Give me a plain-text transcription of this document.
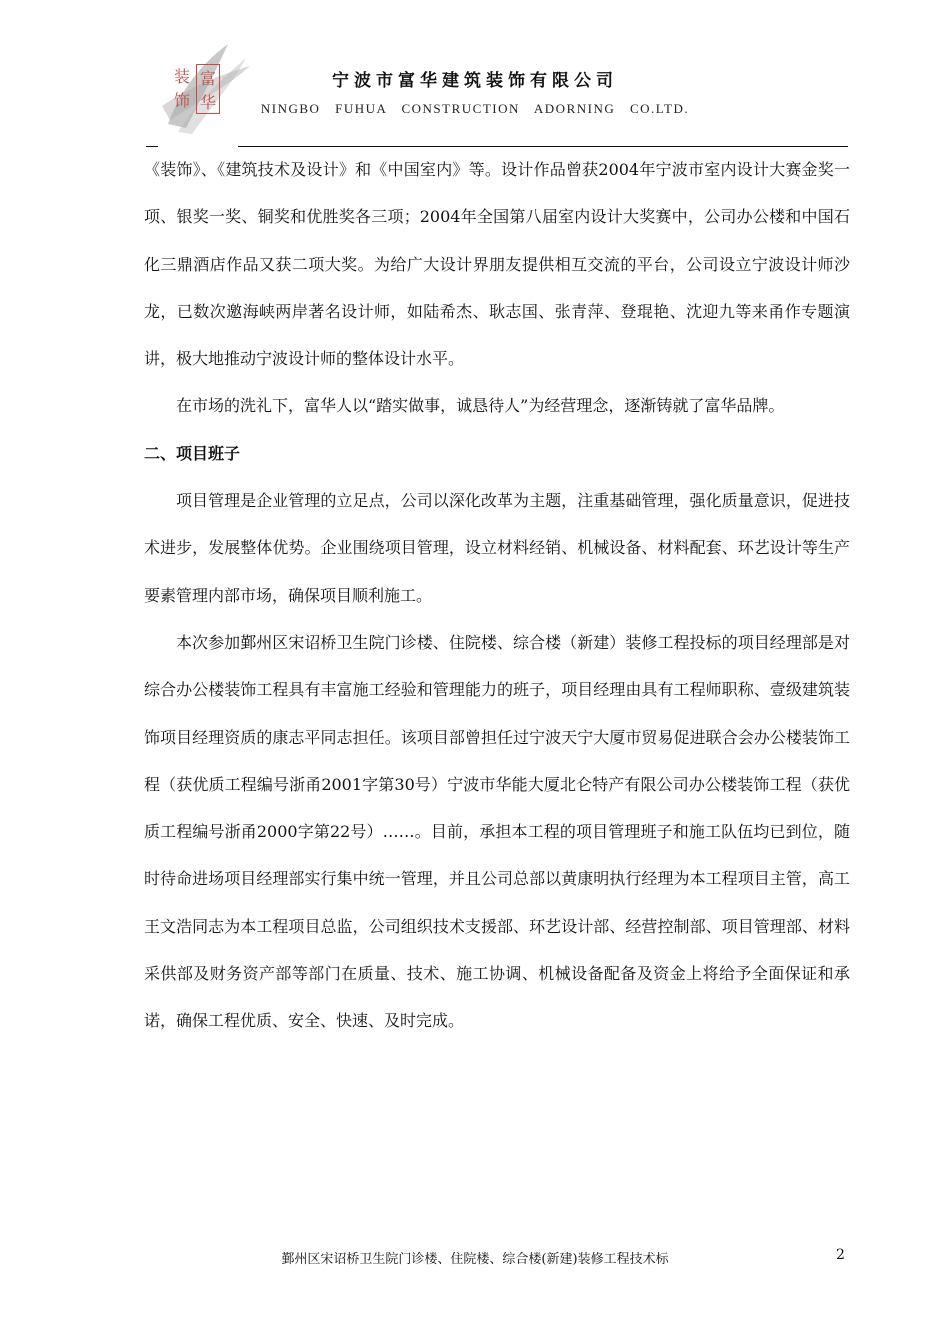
装
饰
富
华
宁波市富华建筑装饰有限公司
NINGBO FUHUA CONSTRUCTION ADORNING CO.LTD.

《装饰》、《建筑技术及设计》和《中国室内》等。设计作品曾获2004年宁波市室内设计大赛金奖一项、银奖一奖、铜奖和优胜奖各三项；2004年全国第八届室内设计大奖赛中，公司办公楼和中国石化三鼎酒店作品又获二项大奖。为给广大设计界朋友提供相互交流的平台，公司设立宁波设计师沙龙，已数次邀海峡两岸著名设计师，如陆希杰、耿志国、张青萍、登琨艳、沈迎九等来甬作专题演讲，极大地推动宁波设计师的整体设计水平。

在市场的洗礼下，富华人以“踏实做事，诚恳待人”为经营理念，逐渐铸就了富华品牌。

二、项目班子

项目管理是企业管理的立足点，公司以深化改革为主题，注重基础管理，强化质量意识，促进技术进步，发展整体优势。企业围绕项目管理，设立材料经销、机械设备、材料配套、环艺设计等生产要素管理内部市场，确保项目顺利施工。

本次参加鄞州区宋诏桥卫生院门诊楼、住院楼、综合楼（新建）装修工程投标的项目经理部是对综合办公楼装饰工程具有丰富施工经验和管理能力的班子，项目经理由具有工程师职称、壹级建筑装饰项目经理资质的康志平同志担任。该项目部曾担任过宁波天宁大厦市贸易促进联合会办公楼装饰工程（获优质工程编号浙甬2001字第30号）宁波市华能大厦北仑特产有限公司办公楼装饰工程（获优质工程编号浙甬2000字第22号）……。目前，承担本工程的项目管理班子和施工队伍均已到位，随时待命进场项目经理部实行集中统一管理，并且公司总部以黄康明执行经理为本工程项目主管，高工王文浩同志为本工程项目总监，公司组织技术支援部、环艺设计部、经营控制部、项目管理部、材料采供部及财务资产部等部门在质量、技术、施工协调、机械设备配备及资金上将给予全面保证和承诺，确保工程优质、安全、快速、及时完成。

鄞州区宋诏桥卫生院门诊楼、住院楼、综合楼(新建)装修工程技术标	2
